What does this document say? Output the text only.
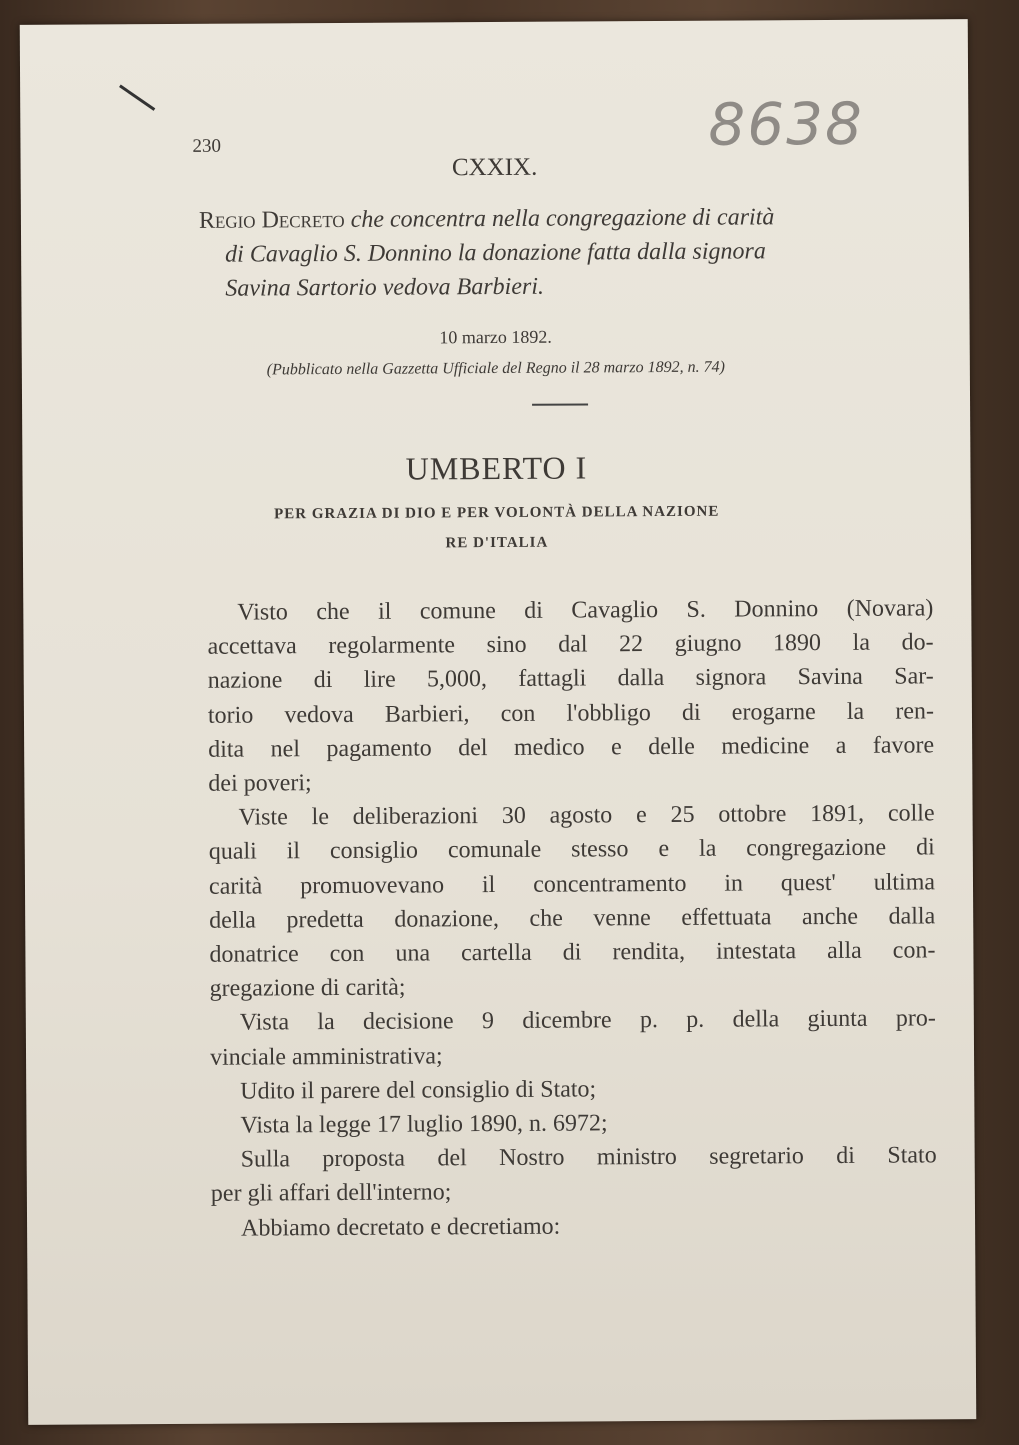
230	8638
CXXIX.
Regio Decreto che concentra nella congregazione di carità
di Cavaglio S. Donnino la donazione fatta dalla signora
Savina Sartorio vedova Barbieri.
10 marzo 1892.
(Pubblicato nella Gazzetta Ufficiale del Regno il 28 marzo 1892, n. 74)
UMBERTO I
PER GRAZIA DI DIO E PER VOLONTÀ DELLA NAZIONE
RE D'ITALIA
Visto che il comune di Cavaglio S. Donnino (Novara)
accettava regolarmente sino dal 22 giugno 1890 la do-
nazione di lire 5,000, fattagli dalla signora Savina Sar-
torio vedova Barbieri, con l'obbligo di erogarne la ren-
dita nel pagamento del medico e delle medicine a favore
dei poveri;
Viste le deliberazioni 30 agosto e 25 ottobre 1891, colle
quali il consiglio comunale stesso e la congregazione di
carità promuovevano il concentramento in quest' ultima
della predetta donazione, che venne effettuata anche dalla
donatrice con una cartella di rendita, intestata alla con-
gregazione di carità;
Vista la decisione 9 dicembre p. p. della giunta pro-
vinciale amministrativa;
Udito il parere del consiglio di Stato;
Vista la legge 17 luglio 1890, n. 6972;
Sulla proposta del Nostro ministro segretario di Stato
per gli affari dell'interno;
Abbiamo decretato e decretiamo:
